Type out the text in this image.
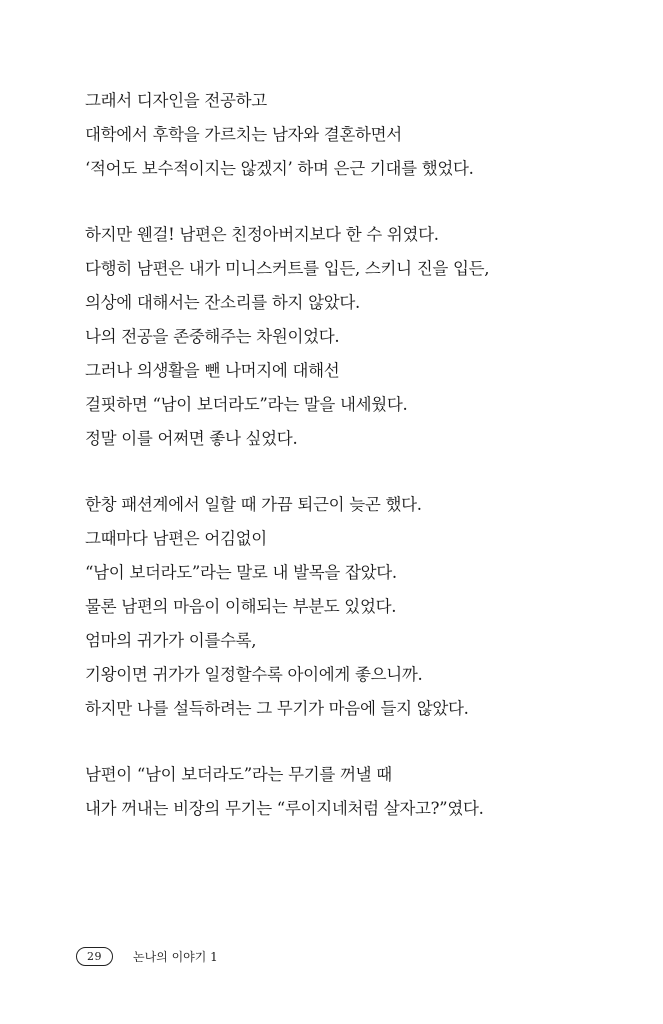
그래서 디자인을 전공하고
대학에서 후학을 가르치는 남자와 결혼하면서
‘적어도 보수적이지는 않겠지’ 하며 은근 기대를 했었다.
하지만 웬걸! 남편은 친정아버지보다 한 수 위였다.
다행히 남편은 내가 미니스커트를 입든, 스키니 진을 입든,
의상에 대해서는 잔소리를 하지 않았다.
나의 전공을 존중해주는 차원이었다.
그러나 의생활을 뺀 나머지에 대해선
걸핏하면 “남이 보더라도”라는 말을 내세웠다.
정말 이를 어쩌면 좋나 싶었다.
한창 패션계에서 일할 때 가끔 퇴근이 늦곤 했다.
그때마다 남편은 어김없이
“남이 보더라도”라는 말로 내 발목을 잡았다.
물론 남편의 마음이 이해되는 부분도 있었다.
엄마의 귀가가 이를수록,
기왕이면 귀가가 일정할수록 아이에게 좋으니까.
하지만 나를 설득하려는 그 무기가 마음에 들지 않았다.
남편이 “남이 보더라도”라는 무기를 꺼낼 때
내가 꺼내는 비장의 무기는 “루이지네처럼 살자고?”였다.
29	논나의 이야기 1
